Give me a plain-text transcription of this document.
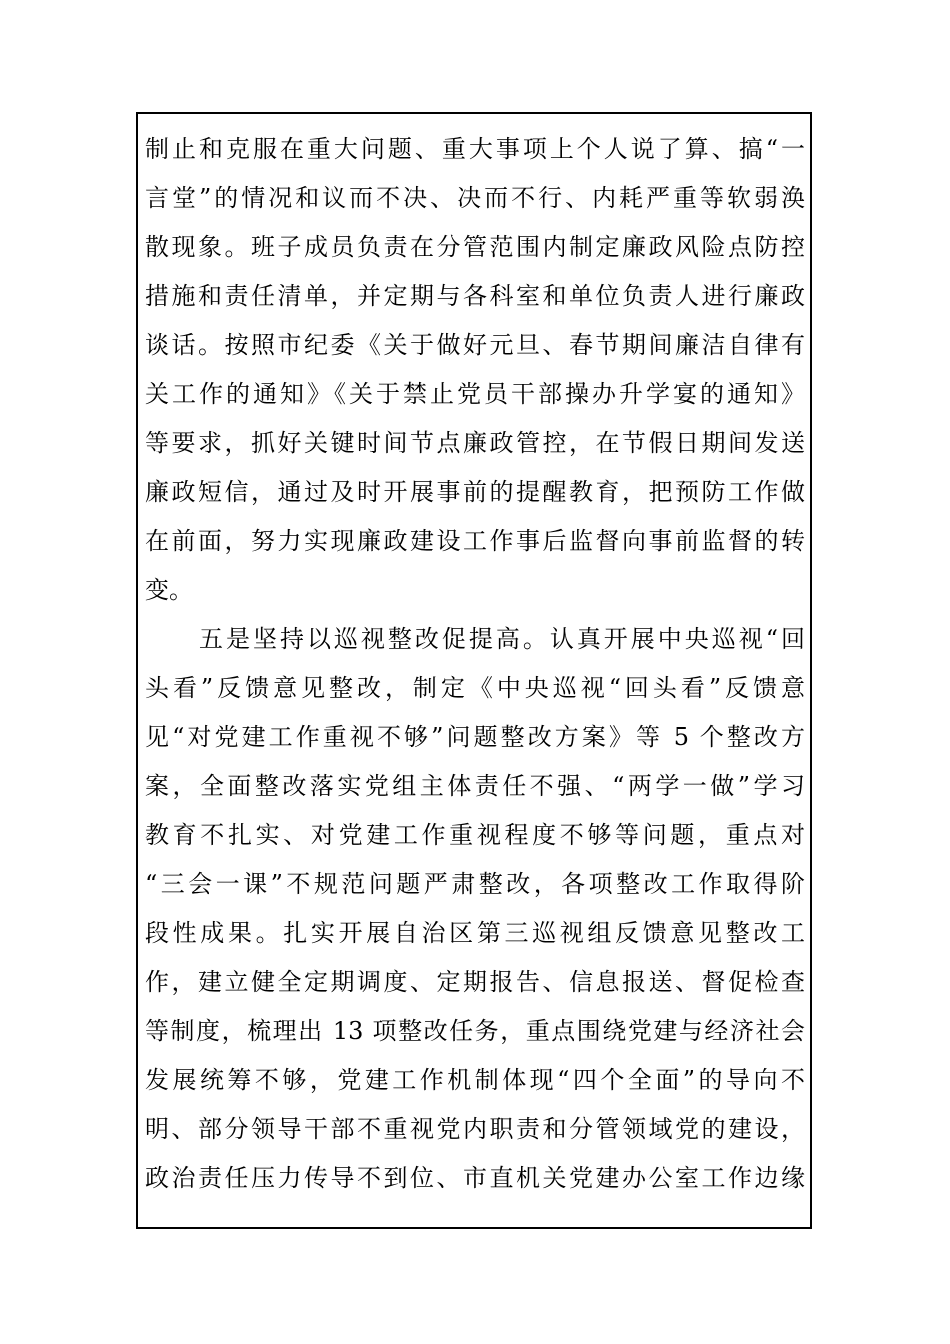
制止和克服在重大问题、重大事项上个人说了算、搞“一
言堂”的情况和议而不决、决而不行、内耗严重等软弱涣
散现象。班子成员负责在分管范围内制定廉政风险点防控
措施和责任清单，并定期与各科室和单位负责人进行廉政
谈话。按照市纪委《关于做好元旦、春节期间廉洁自律有
关工作的通知》《关于禁止党员干部操办升学宴的通知》
等要求，抓好关键时间节点廉政管控，在节假日期间发送
廉政短信，通过及时开展事前的提醒教育，把预防工作做
在前面，努力实现廉政建设工作事后监督向事前监督的转
变。
五是坚持以巡视整改促提高。认真开展中央巡视“回
头看”反馈意见整改，制定《中央巡视“回头看”反馈意
见“对党建工作重视不够”问题整改方案》等 5 个整改方
案，全面整改落实党组主体责任不强、“两学一做”学习
教育不扎实、对党建工作重视程度不够等问题，重点对
“三会一课”不规范问题严肃整改，各项整改工作取得阶
段性成果。扎实开展自治区第三巡视组反馈意见整改工
作，建立健全定期调度、定期报告、信息报送、督促检查
等制度，梳理出 13 项整改任务，重点围绕党建与经济社会
发展统筹不够，党建工作机制体现“四个全面”的导向不
明、部分领导干部不重视党内职责和分管领域党的建设，
政治责任压力传导不到位、市直机关党建办公室工作边缘
